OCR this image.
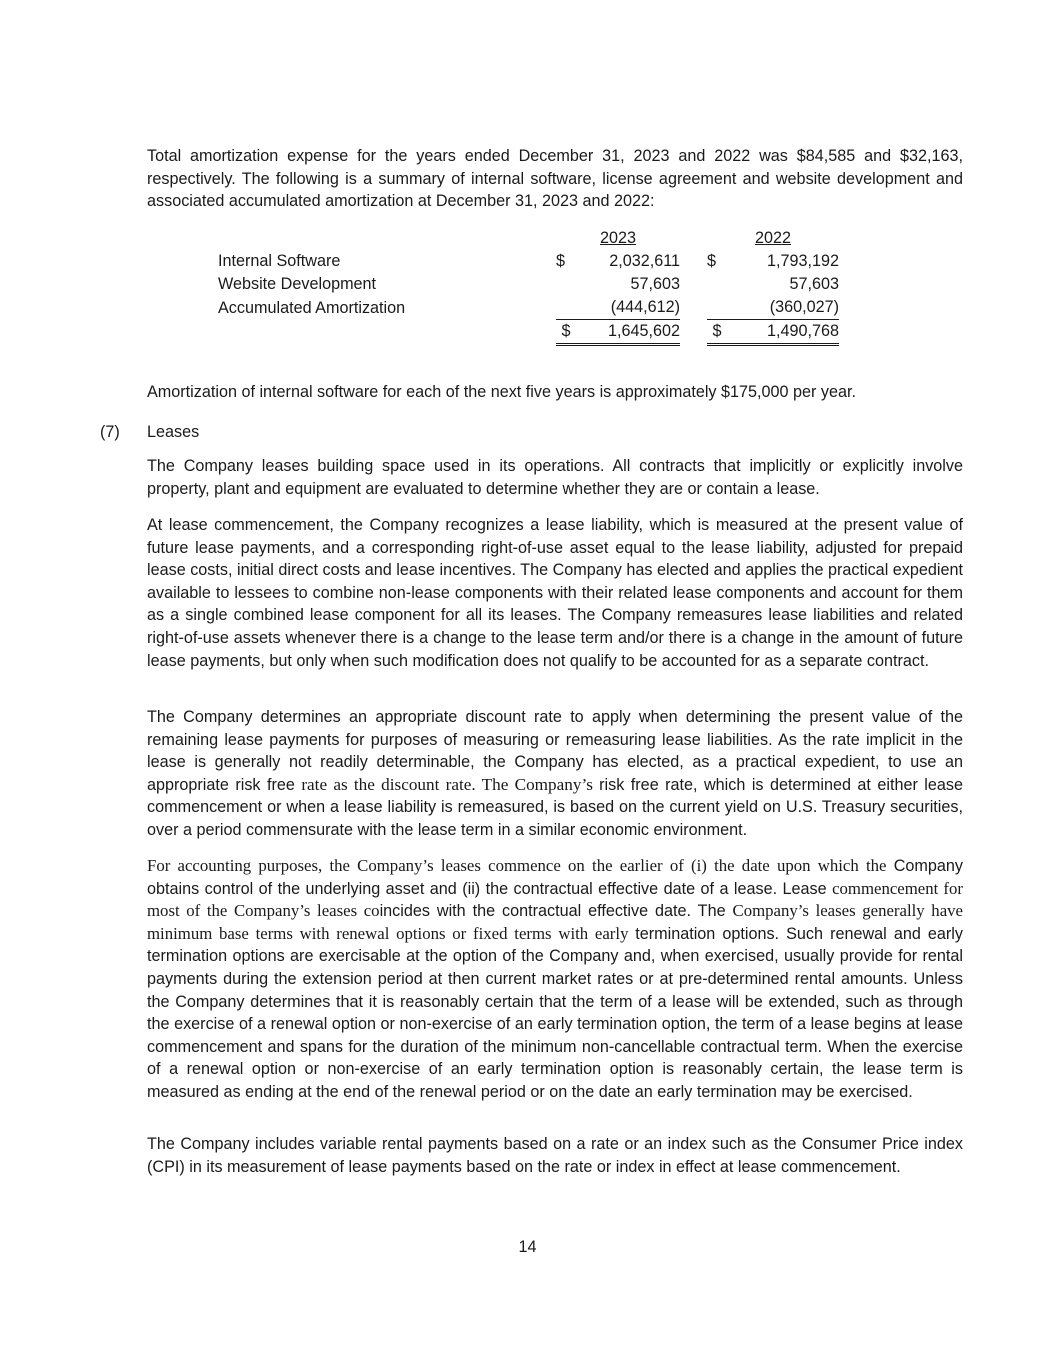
Total amortization expense for the years ended December 31, 2023 and 2022 was $84,585 and $32,163, respectively. The following is a summary of internal software, license agreement and website development and associated accumulated amortization at December 31, 2023 and 2022:

		2023			2022	
Internal Software		$	2,032,611		$	1,793,192
Website Development			57,603			57,603
Accumulated Amortization			(444,612)			(360,027)
		$	1,645,602		$	1,490,768

Amortization of internal software for each of the next five years is approximately $175,000 per year.

(7) Leases

The Company leases building space used in its operations. All contracts that implicitly or explicitly involve property, plant and equipment are evaluated to determine whether they are or contain a lease.

At lease commencement, the Company recognizes a lease liability, which is measured at the present value of future lease payments, and a corresponding right-of-use asset equal to the lease liability, adjusted for prepaid lease costs, initial direct costs and lease incentives. The Company has elected and applies the practical expedient available to lessees to combine non-lease components with their related lease components and account for them as a single combined lease component for all its leases. The Company remeasures lease liabilities and related right-of-use assets whenever there is a change to the lease term and/or there is a change in the amount of future lease payments, but only when such modification does not qualify to be accounted for as a separate contract.

The Company determines an appropriate discount rate to apply when determining the present value of the remaining lease payments for purposes of measuring or remeasuring lease liabilities. As the rate implicit in the lease is generally not readily determinable, the Company has elected, as a practical expedient, to use an appropriate risk free rate as the discount rate. The Company’s risk free rate, which is determined at either lease commencement or when a lease liability is remeasured, is based on the current yield on U.S. Treasury securities, over a period commensurate with the lease term in a similar economic environment.

For accounting purposes, the Company’s leases commence on the earlier of (i) the date upon which the Company obtains control of the underlying asset and (ii) the contractual effective date of a lease. Lease commencement for most of the Company’s leases coincides with the contractual effective date. The Company’s leases generally have minimum base terms with renewal options or fixed terms with early termination options. Such renewal and early termination options are exercisable at the option of the Company and, when exercised, usually provide for rental payments during the extension period at then current market rates or at pre-determined rental amounts. Unless the Company determines that it is reasonably certain that the term of a lease will be extended, such as through the exercise of a renewal option or non-exercise of an early termination option, the term of a lease begins at lease commencement and spans for the duration of the minimum non-cancellable contractual term. When the exercise of a renewal option or non-exercise of an early termination option is reasonably certain, the lease term is measured as ending at the end of the renewal period or on the date an early termination may be exercised.

The Company includes variable rental payments based on a rate or an index such as the Consumer Price index (CPI) in its measurement of lease payments based on the rate or index in effect at lease commencement.

14
